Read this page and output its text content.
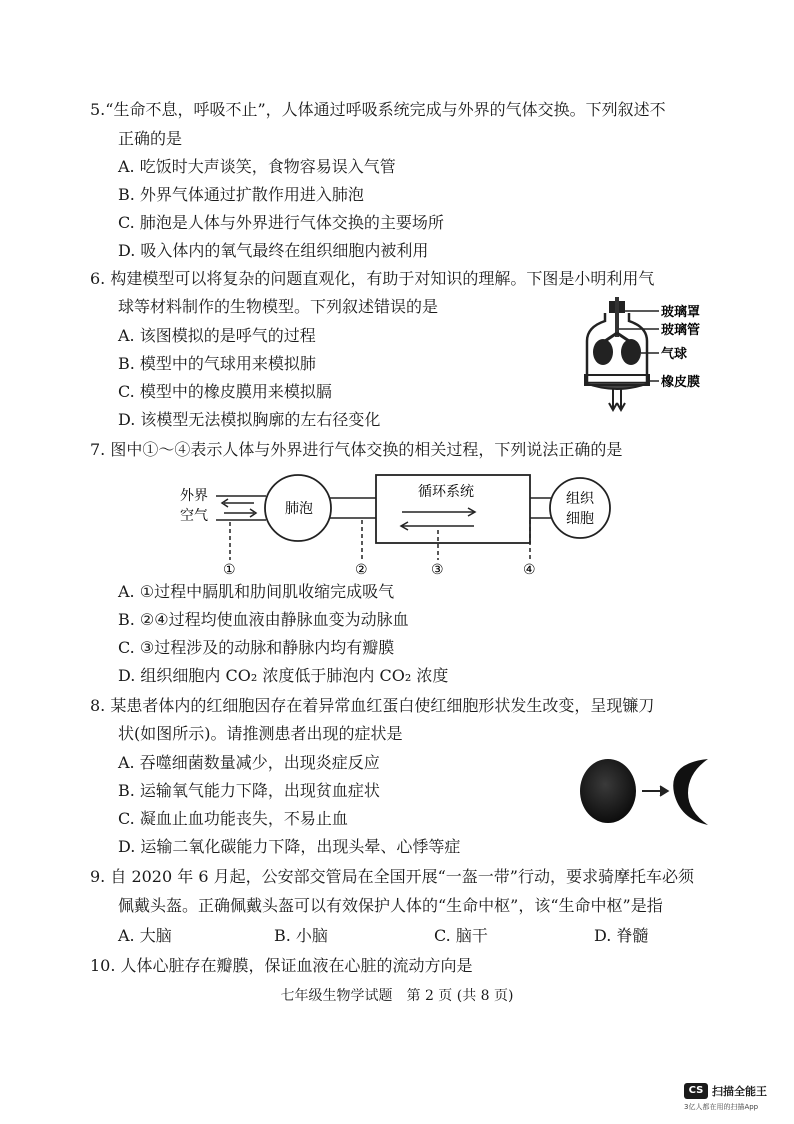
5.“生命不息，呼吸不止”，人体通过呼吸系统完成与外界的气体交换。下列叙述不
正确的是
A. 吃饭时大声谈笑，食物容易误入气管
B. 外界气体通过扩散作用进入肺泡
C. 肺泡是人体与外界进行气体交换的主要场所
D. 吸入体内的氧气最终在组织细胞内被利用
6. 构建模型可以将复杂的问题直观化，有助于对知识的理解。下图是小明利用气
球等材料制作的生物模型。下列叙述错误的是
A. 该图模拟的是呼气的过程
B. 模型中的气球用来模拟肺
C. 模型中的橡皮膜用来模拟膈
D. 该模型无法模拟胸廓的左右径变化
玻璃罩
玻璃管
气球
橡皮膜
7. 图中①～④表示人体与外界进行气体交换的相关过程，下列说法正确的是
外界
空气	肺泡
循环系统	组织
细胞
①	②	③	④
A. ①过程中膈肌和肋间肌收缩完成吸气
B. ②④过程均使血液由静脉血变为动脉血
C. ③过程涉及的动脉和静脉内均有瓣膜
D. 组织细胞内 CO₂ 浓度低于肺泡内 CO₂ 浓度
8. 某患者体内的红细胞因存在着异常血红蛋白使红细胞形状发生改变，呈现镰刀
状(如图所示)。请推测患者出现的症状是
A. 吞噬细菌数量减少，出现炎症反应
B. 运输氧气能力下降，出现贫血症状
C. 凝血止血功能丧失，不易止血
D. 运输二氧化碳能力下降，出现头晕、心悸等症
9. 自 2020 年 6 月起，公安部交管局在全国开展“一盔一带”行动，要求骑摩托车必须
佩戴头盔。正确佩戴头盔可以有效保护人体的“生命中枢”，该“生命中枢”是指
A. 大脑	B. 小脑	C. 脑干	D. 脊髓
10. 人体心脏存在瓣膜，保证血液在心脏的流动方向是
七年级生物学试题　第 2 页 (共 8 页)
CS 扫描全能王
3亿人都在用的扫描App
